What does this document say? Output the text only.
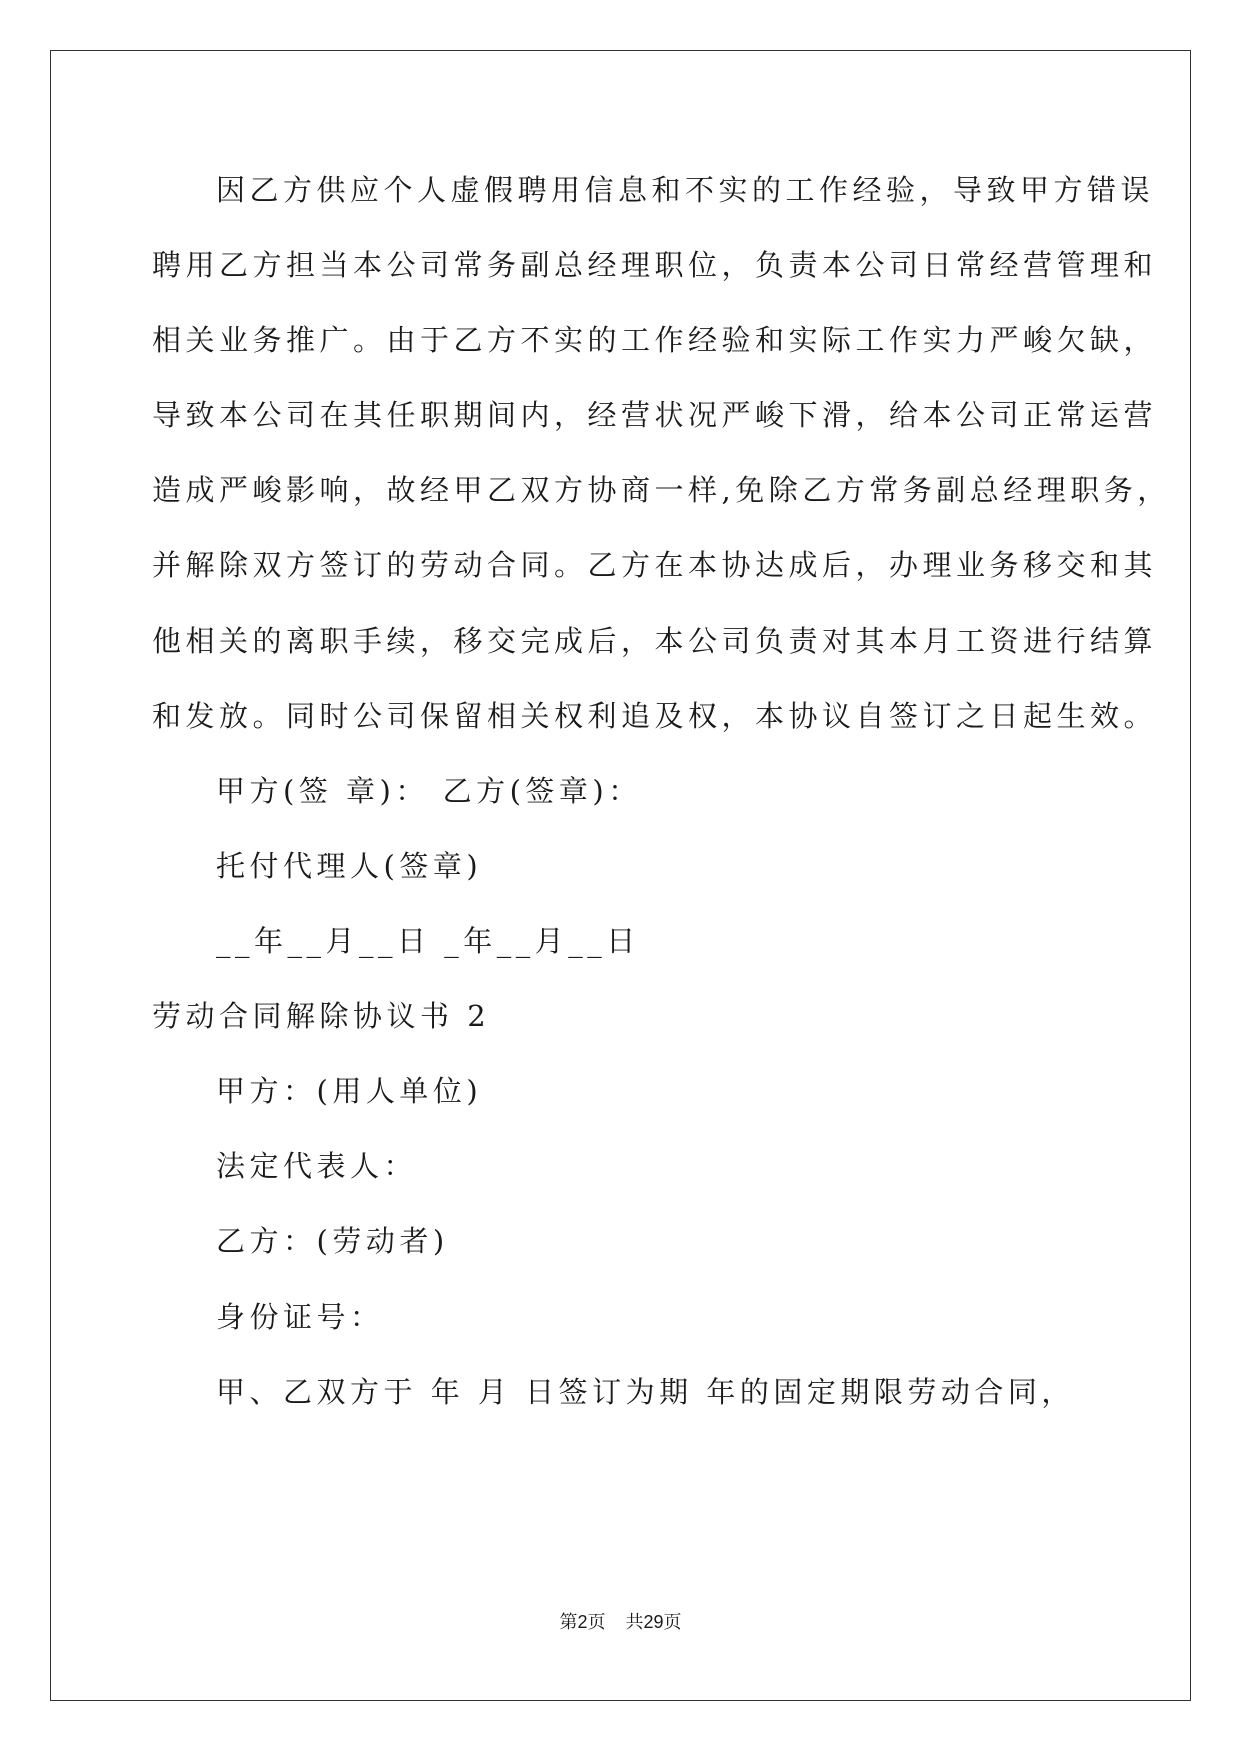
因乙方供应个人虚假聘用信息和不实的工作经验，导致甲方错误
聘用乙方担当本公司常务副总经理职位，负责本公司日常经营管理和
相关业务推广。由于乙方不实的工作经验和实际工作实力严峻欠缺，
导致本公司在其任职期间内，经营状况严峻下滑，给本公司正常运营
造成严峻影响，故经甲乙双方协商一样,免除乙方常务副总经理职务，
并解除双方签订的劳动合同。乙方在本协达成后，办理业务移交和其
他相关的离职手续，移交完成后，本公司负责对其本月工资进行结算
和发放。同时公司保留相关权利追及权，本协议自签订之日起生效。
甲方(签 章)： 乙方(签章)：
托付代理人(签章)
__年__月__日 _年__月__日
劳动合同解除协议书 2
甲方：(用人单位)
法定代表人：
乙方：(劳动者)
身份证号：
甲、乙双方于 年 月 日签订为期 年的固定期限劳动合同，
第2页 共29页
